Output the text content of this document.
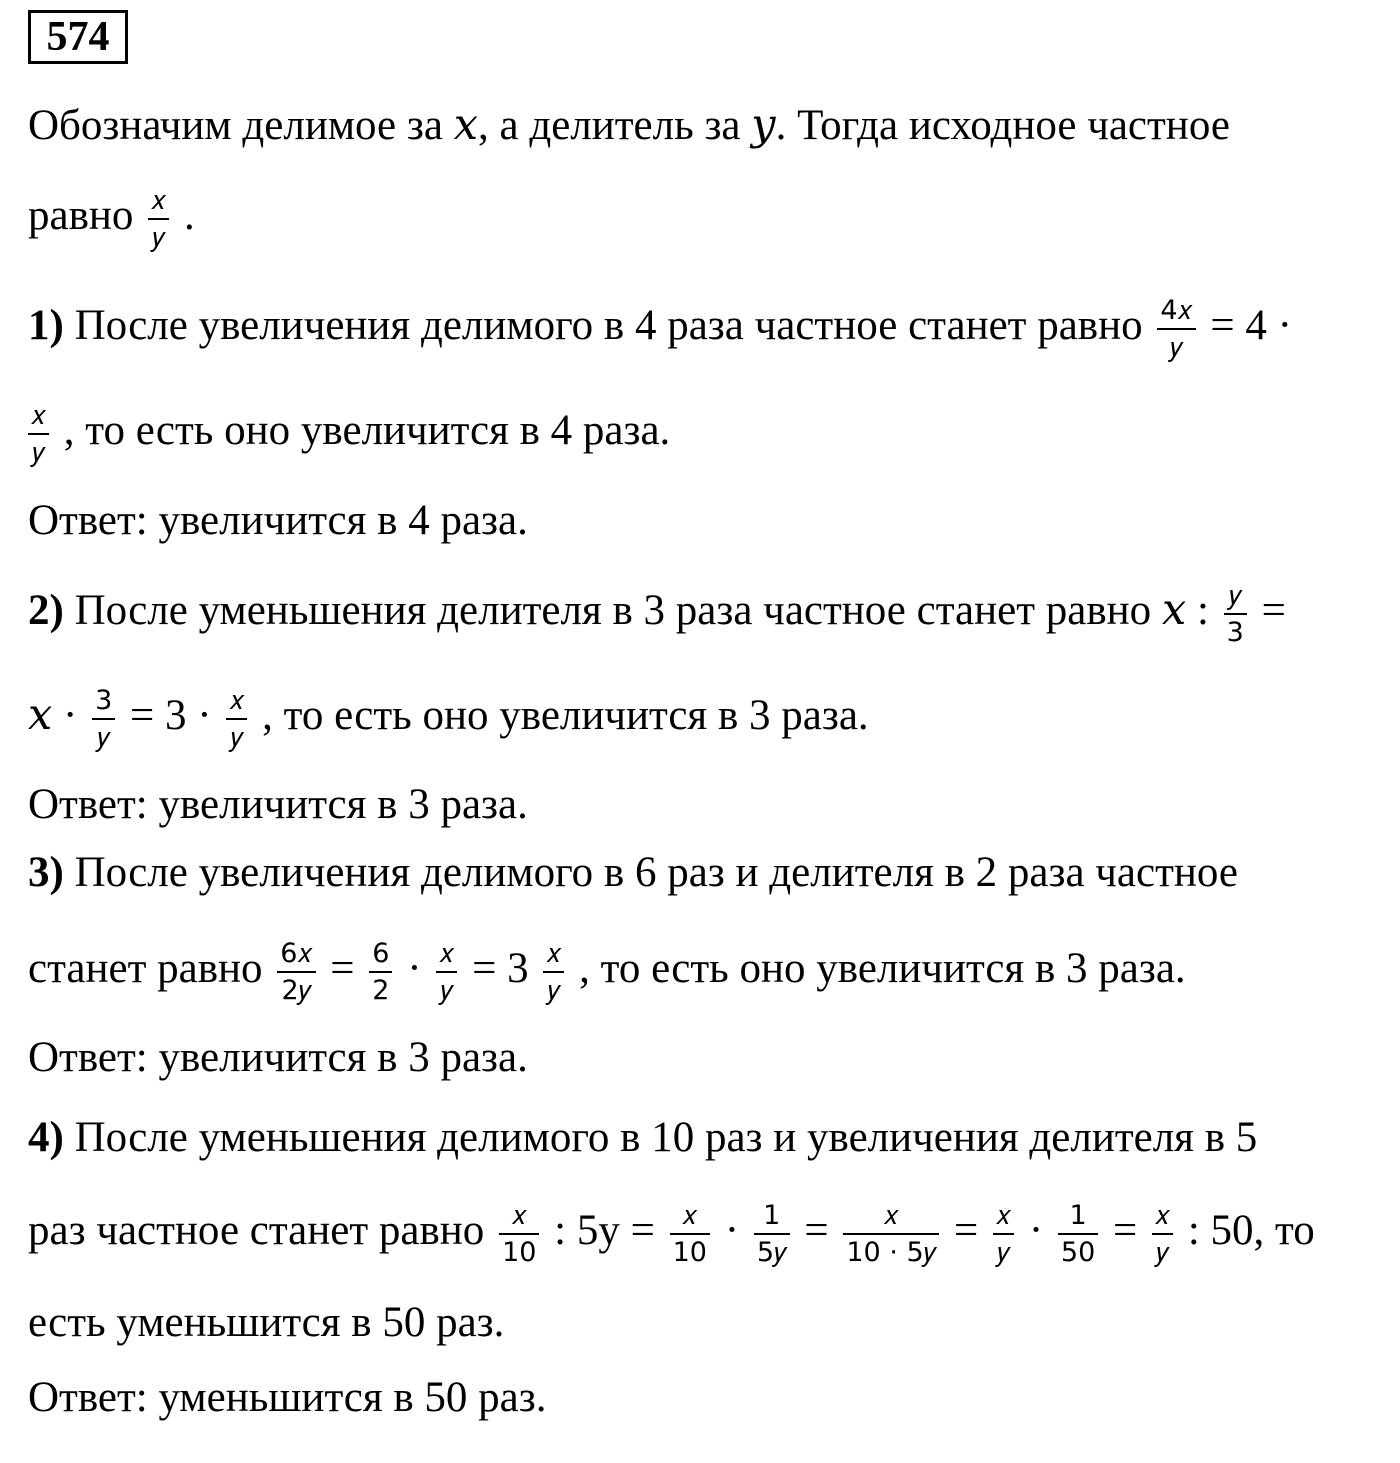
574
Обозначим делимое за 𝑥, а делитель за 𝑦. Тогда исходное частное
равно $\frac{\text{𝑥}}{\text{𝑦}}$ .
1) После увеличения делимого в 4 раза частное станет равно $\frac{\text{4𝑥}}{\text{𝑦}} = 4$ ·
$\frac{\text{𝑥}}{\text{𝑦}}$ , то есть оно увеличится в 4 раза.
Ответ: увеличится в 4 раза.
2) После уменьшения делителя в 3 раза частное станет равно 𝑥 : $\frac{\text{𝑦}}{3}$ =
𝑥 · $\frac{3}{\text{𝑦}} = 3 \cdot \frac{\text{𝑥}}{\text{𝑦}}$ , то есть оно увеличится в 3 раза.
Ответ: увеличится в 3 раза.
3) После увеличения делимого в 6 раз и делителя в 2 раза частное
станет равно $\frac{\text{6𝑥}}{\text{2𝑦}} = \frac{6}{2} \cdot \frac{\text{𝑥}}{\text{𝑦}} = 3 \frac{\text{𝑥}}{\text{𝑦}}$ , то есть оно увеличится в 3 раза.
Ответ: увеличится в 3 раза.
4) После уменьшения делимого в 10 раз и увеличения делителя в 5
раз частное станет равно $\frac{\text{𝑥}}{10}$ : $5y = \frac{\text{𝑥}}{10} \cdot \frac{1}{\text{5𝑦}} = \frac{\text{𝑥}}{\text{10 · 5𝑦}} = \frac{\text{𝑥}}{\text{𝑦}} \cdot \frac{1}{50} = \frac{\text{𝑥}}{\text{𝑦}}$ : 50, то
есть уменьшится в 50 раз.
Ответ: уменьшится в 50 раз.
